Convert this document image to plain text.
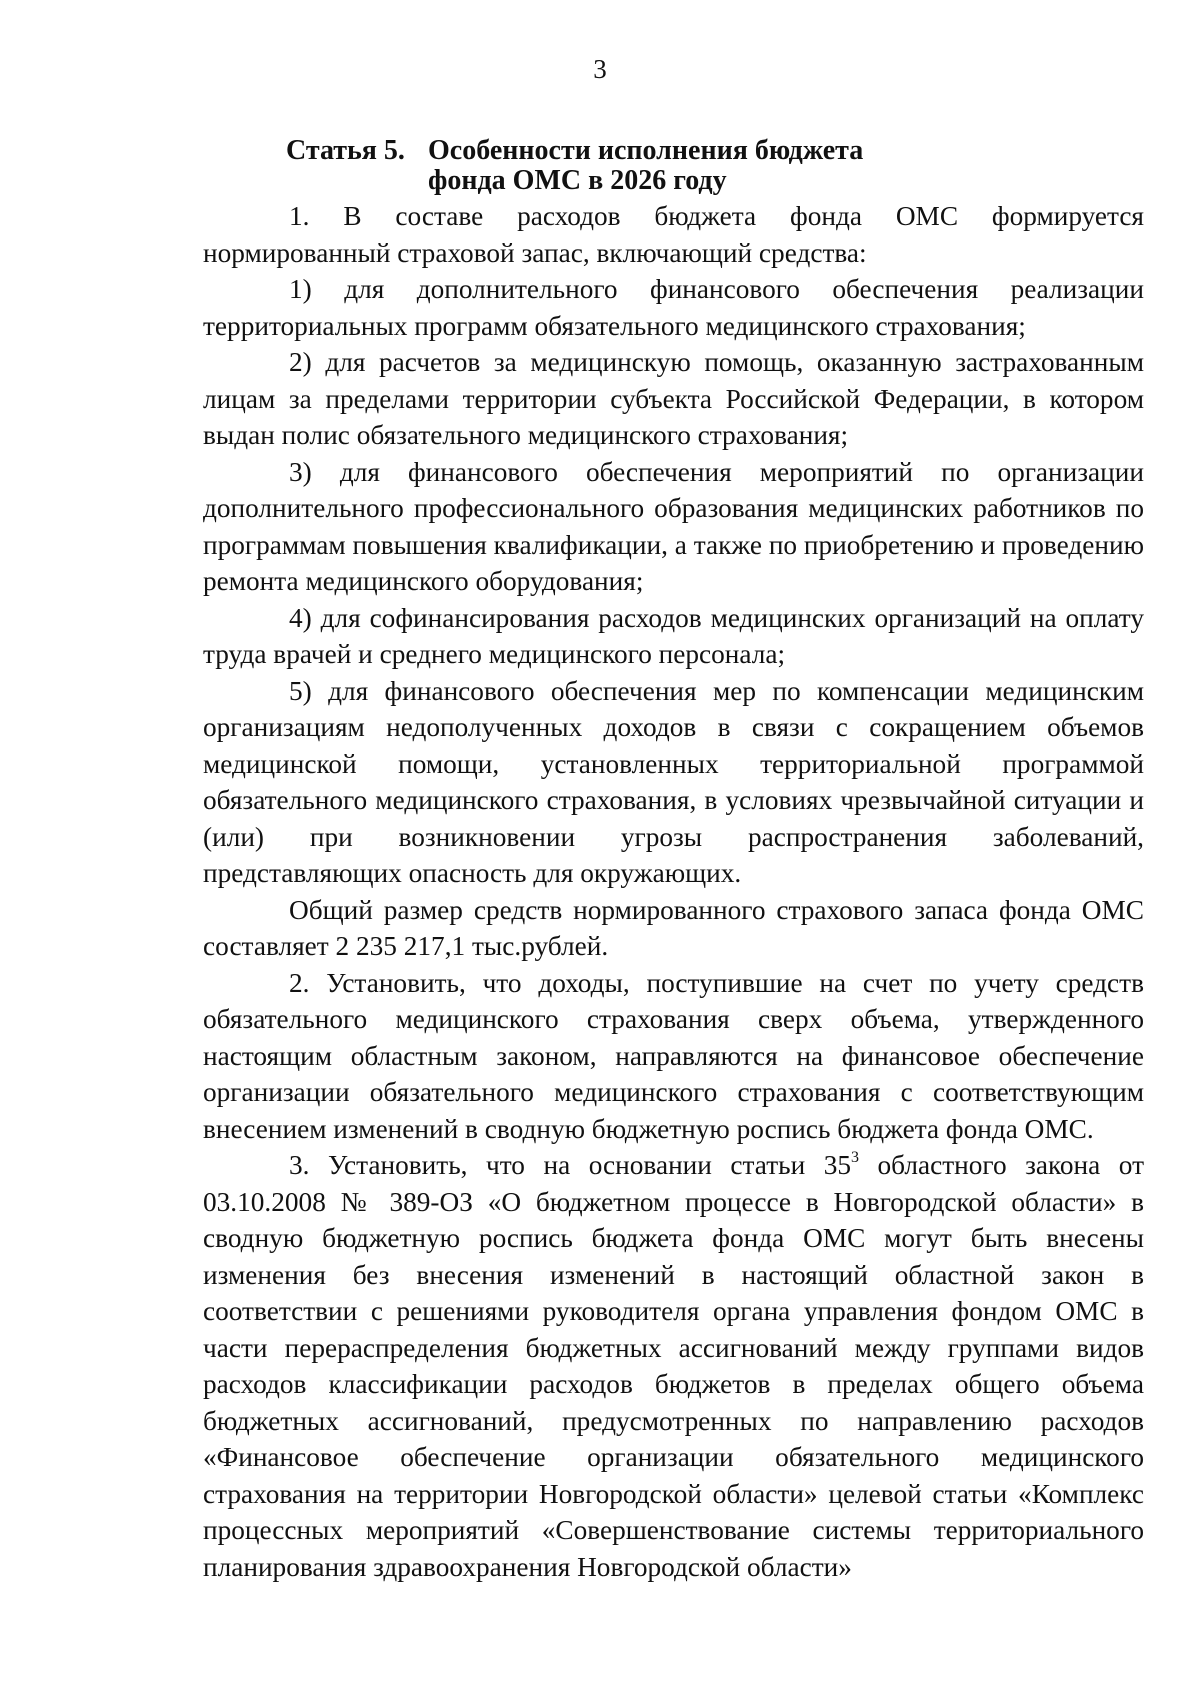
3
Статья 5. Особенности исполнения бюджета
фонда ОМС в 2026 году

1. В составе расходов бюджета фонда ОМС формируется нормированный страховой запас, включающий средства:

1) для дополнительного финансового обеспечения реализации территориальных программ обязательного медицинского страхования;

2) для расчетов за медицинскую помощь, оказанную застрахованным лицам за пределами территории субъекта Российской Федерации, в котором выдан полис обязательного медицинского страхования;

3) для финансового обеспечения мероприятий по организации дополнительного профессионального образования медицинских работников по программам повышения квалификации, а также по приобретению и проведению ремонта медицинского оборудования;

4) для софинансирования расходов медицинских организаций на оплату труда врачей и среднего медицинского персонала;

5) для финансового обеспечения мер по компенсации медицинским организациям недополученных доходов в связи с сокращением объемов медицинской помощи, установленных территориальной программой обязательного медицинского страхования, в условиях чрезвычайной ситуации и (или) при возникновении угрозы распространения заболеваний, представляющих опасность для окружающих.

Общий размер средств нормированного страхового запаса фонда ОМС составляет 2 235 217,1 тыс.рублей.

2. Установить, что доходы, поступившие на счет по учету средств обязательного медицинского страхования сверх объема, утвержденного настоящим областным законом, направляются на финансовое обеспечение организации обязательного медицинского страхования с соответствующим внесением изменений в сводную бюджетную роспись бюджета фонда ОМС.

3. Установить, что на основании статьи $35^3$ областного закона от 03.10.2008 № 389-ОЗ «О бюджетном процессе в Новгородской области» в сводную бюджетную роспись бюджета фонда ОМС могут быть внесены изменения без внесения изменений в настоящий областной закон в соответствии с решениями руководителя органа управления фондом ОМС в части перераспределения бюджетных ассигнований между группами видов расходов классификации расходов бюджетов в пределах общего объема бюджетных ассигнований, предусмотренных по направлению расходов «Финансовое обеспечение организации обязательного медицинского страхования на территории Новгородской области» целевой статьи «Комплекс процессных мероприятий «Совершенствование системы территориального планирования здравоохранения Новгородской области»
